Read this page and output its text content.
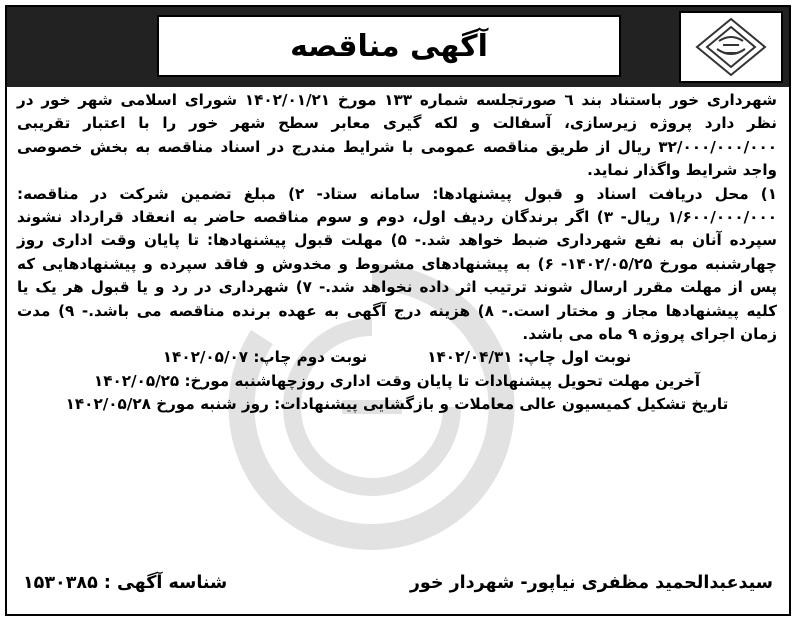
آگهی مناقصه

شهرداری خور باستناد بند ٦ صورتجلسه شماره ۱۳۳ مورخ ۱۴۰۲/۰۱/۲۱ شورای اسلامی شهر خور در نظر دارد پروژه زیرسازی، آسفالت و لکه گیری معابر سطح شهر خور را با اعتبار تقریبی ۳۲/۰۰۰/۰۰۰/۰۰۰ ریال از طریق مناقصه عمومی با شرایط مندرج در اسناد مناقصه به بخش خصوصی واجد شرایط واگذار نماید.

۱) محل دریافت اسناد و قبول پیشنهادها: سامانه ستاد- ۲) مبلغ تضمین شرکت در مناقصه: ۱/۶۰۰/۰۰۰/۰۰۰ ریال- ۳) اگر برندگان ردیف اول، دوم و سوم مناقصه حاضر به انعقاد قرارداد نشوند سپرده آنان به نفع شهرداری ضبط خواهد شد.- ۵) مهلت قبول پیشنهادها: تا پایان وقت اداری روز چهارشنبه مورخ ۱۴۰۲/۰۵/۲۵- ۶) به پیشنهادهای مشروط و مخدوش و فاقد سپرده و پیشنهادهایی که پس از مهلت مقرر ارسال شوند ترتیب اثر داده نخواهد شد.- ۷) شهرداری در رد و یا قبول هر یک یا کلیه پیشنهادها مجاز و مختار است.- ۸) هزینه درج آگهی به عهده برنده مناقصه می باشد.- ۹) مدت زمان اجرای پروژه ۹ ماه می باشد.

نوبت اول چاپ: ۱۴۰۲/۰۴/۳۱
نوبت دوم چاپ: ۱۴۰۲/۰۵/۰۷

آخرین مهلت تحویل پیشنهادات تا پایان وقت اداری روزچهاشنبه مورخ: ۱۴۰۲/۰۵/۲۵

تاریخ تشکیل کمیسیون عالی معاملات و بازگشایی پیشنهادات: روز شنبه مورخ ۱۴۰۲/۰۵/۲۸

سیدعبدالحمید مظفری نیاپور- شهردار خور
شناسه آگهی : ۱۵۳۰۳۸۵
